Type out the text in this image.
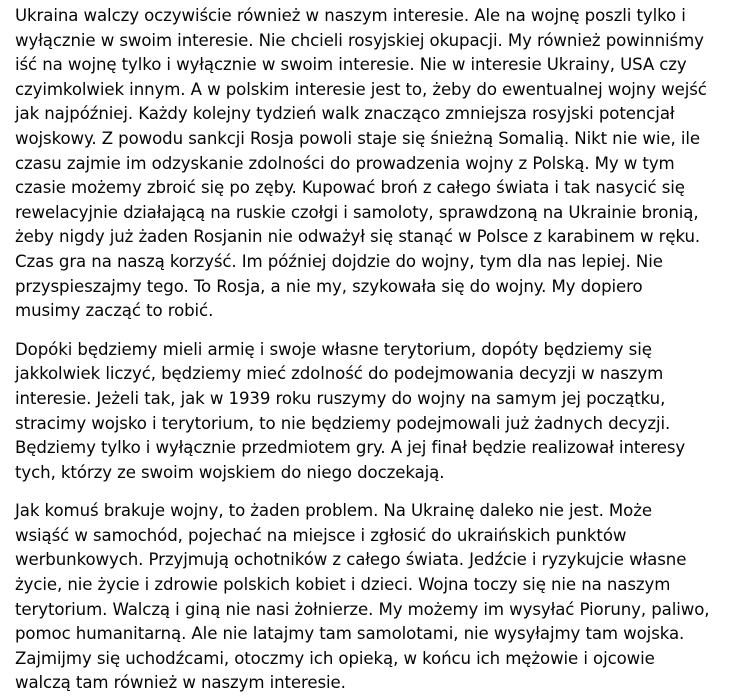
Ukraina walczy oczywiście również w naszym interesie. Ale na wojnę poszli tylko i
wyłącznie w swoim interesie. Nie chcieli rosyjskiej okupacji. My również powinniśmy
iść na wojnę tylko i wyłącznie w swoim interesie. Nie w interesie Ukrainy, USA czy
czyimkolwiek innym. A w polskim interesie jest to, żeby do ewentualnej wojny wejść
jak najpóźniej. Każdy kolejny tydzień walk znacząco zmniejsza rosyjski potencjał
wojskowy. Z powodu sankcji Rosja powoli staje się śnieżną Somalią. Nikt nie wie, ile
czasu zajmie im odzyskanie zdolności do prowadzenia wojny z Polską. My w tym
czasie możemy zbroić się po zęby. Kupować broń z całego świata i tak nasycić się
rewelacyjnie działającą na ruskie czołgi i samoloty, sprawdzoną na Ukrainie bronią,
żeby nigdy już żaden Rosjanin nie odważył się stanąć w Polsce z karabinem w ręku.
Czas gra na naszą korzyść. Im później dojdzie do wojny, tym dla nas lepiej. Nie
przyspieszajmy tego. To Rosja, a nie my, szykowała się do wojny. My dopiero
musimy zacząć to robić.

Dopóki będziemy mieli armię i swoje własne terytorium, dopóty będziemy się
jakkolwiek liczyć, będziemy mieć zdolność do podejmowania decyzji w naszym
interesie. Jeżeli tak, jak w 1939 roku ruszymy do wojny na samym jej początku,
stracimy wojsko i terytorium, to nie będziemy podejmowali już żadnych decyzji.
Będziemy tylko i wyłącznie przedmiotem gry. A jej finał będzie realizował interesy
tych, którzy ze swoim wojskiem do niego doczekają.

Jak komuś brakuje wojny, to żaden problem. Na Ukrainę daleko nie jest. Może
wsiąść w samochód, pojechać na miejsce i zgłosić do ukraińskich punktów
werbunkowych. Przyjmują ochotników z całego świata. Jedźcie i ryzykujcie własne
życie, nie życie i zdrowie polskich kobiet i dzieci. Wojna toczy się nie na naszym
terytorium. Walczą i giną nie nasi żołnierze. My możemy im wysyłać Pioruny, paliwo,
pomoc humanitarną. Ale nie latajmy tam samolotami, nie wysyłajmy tam wojska.
Zajmijmy się uchodźcami, otoczmy ich opieką, w końcu ich mężowie i ojcowie
walczą tam również w naszym interesie.
